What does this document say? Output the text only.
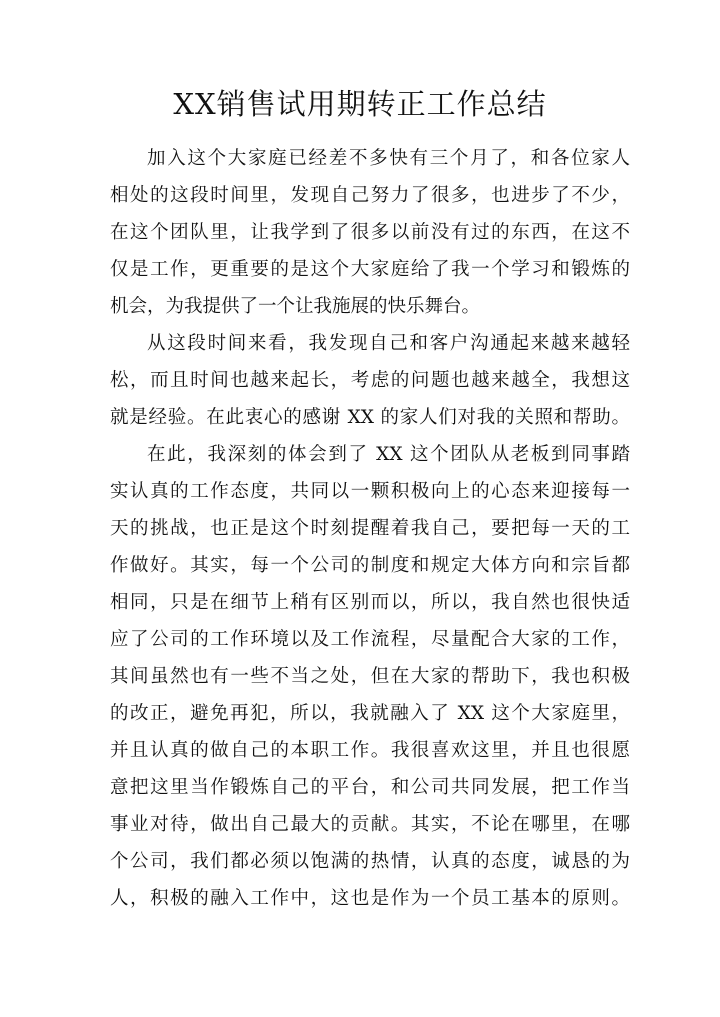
XX销售试用期转正工作总结
加入这个大家庭已经差不多快有三个月了，和各位家人
相处的这段时间里，发现自己努力了很多，也进步了不少，
在这个团队里，让我学到了很多以前没有过的东西，在这不
仅是工作，更重要的是这个大家庭给了我一个学习和锻炼的
机会，为我提供了一个让我施展的快乐舞台。
从这段时间来看，我发现自己和客户沟通起来越来越轻
松，而且时间也越来起长，考虑的问题也越来越全，我想这
就是经验。在此衷心的感谢 XX 的家人们对我的关照和帮助。
在此，我深刻的体会到了 XX 这个团队从老板到同事踏
实认真的工作态度，共同以一颗积极向上的心态来迎接每一
天的挑战，也正是这个时刻提醒着我自己，要把每一天的工
作做好。其实，每一个公司的制度和规定大体方向和宗旨都
相同，只是在细节上稍有区别而以，所以，我自然也很快适
应了公司的工作环境以及工作流程，尽量配合大家的工作，
其间虽然也有一些不当之处，但在大家的帮助下，我也积极
的改正，避免再犯，所以，我就融入了 XX 这个大家庭里，
并且认真的做自己的本职工作。我很喜欢这里，并且也很愿
意把这里当作锻炼自己的平台，和公司共同发展，把工作当
事业对待，做出自己最大的贡献。其实，不论在哪里，在哪
个公司，我们都必须以饱满的热情，认真的态度，诚恳的为
人，积极的融入工作中，这也是作为一个员工基本的原则。
